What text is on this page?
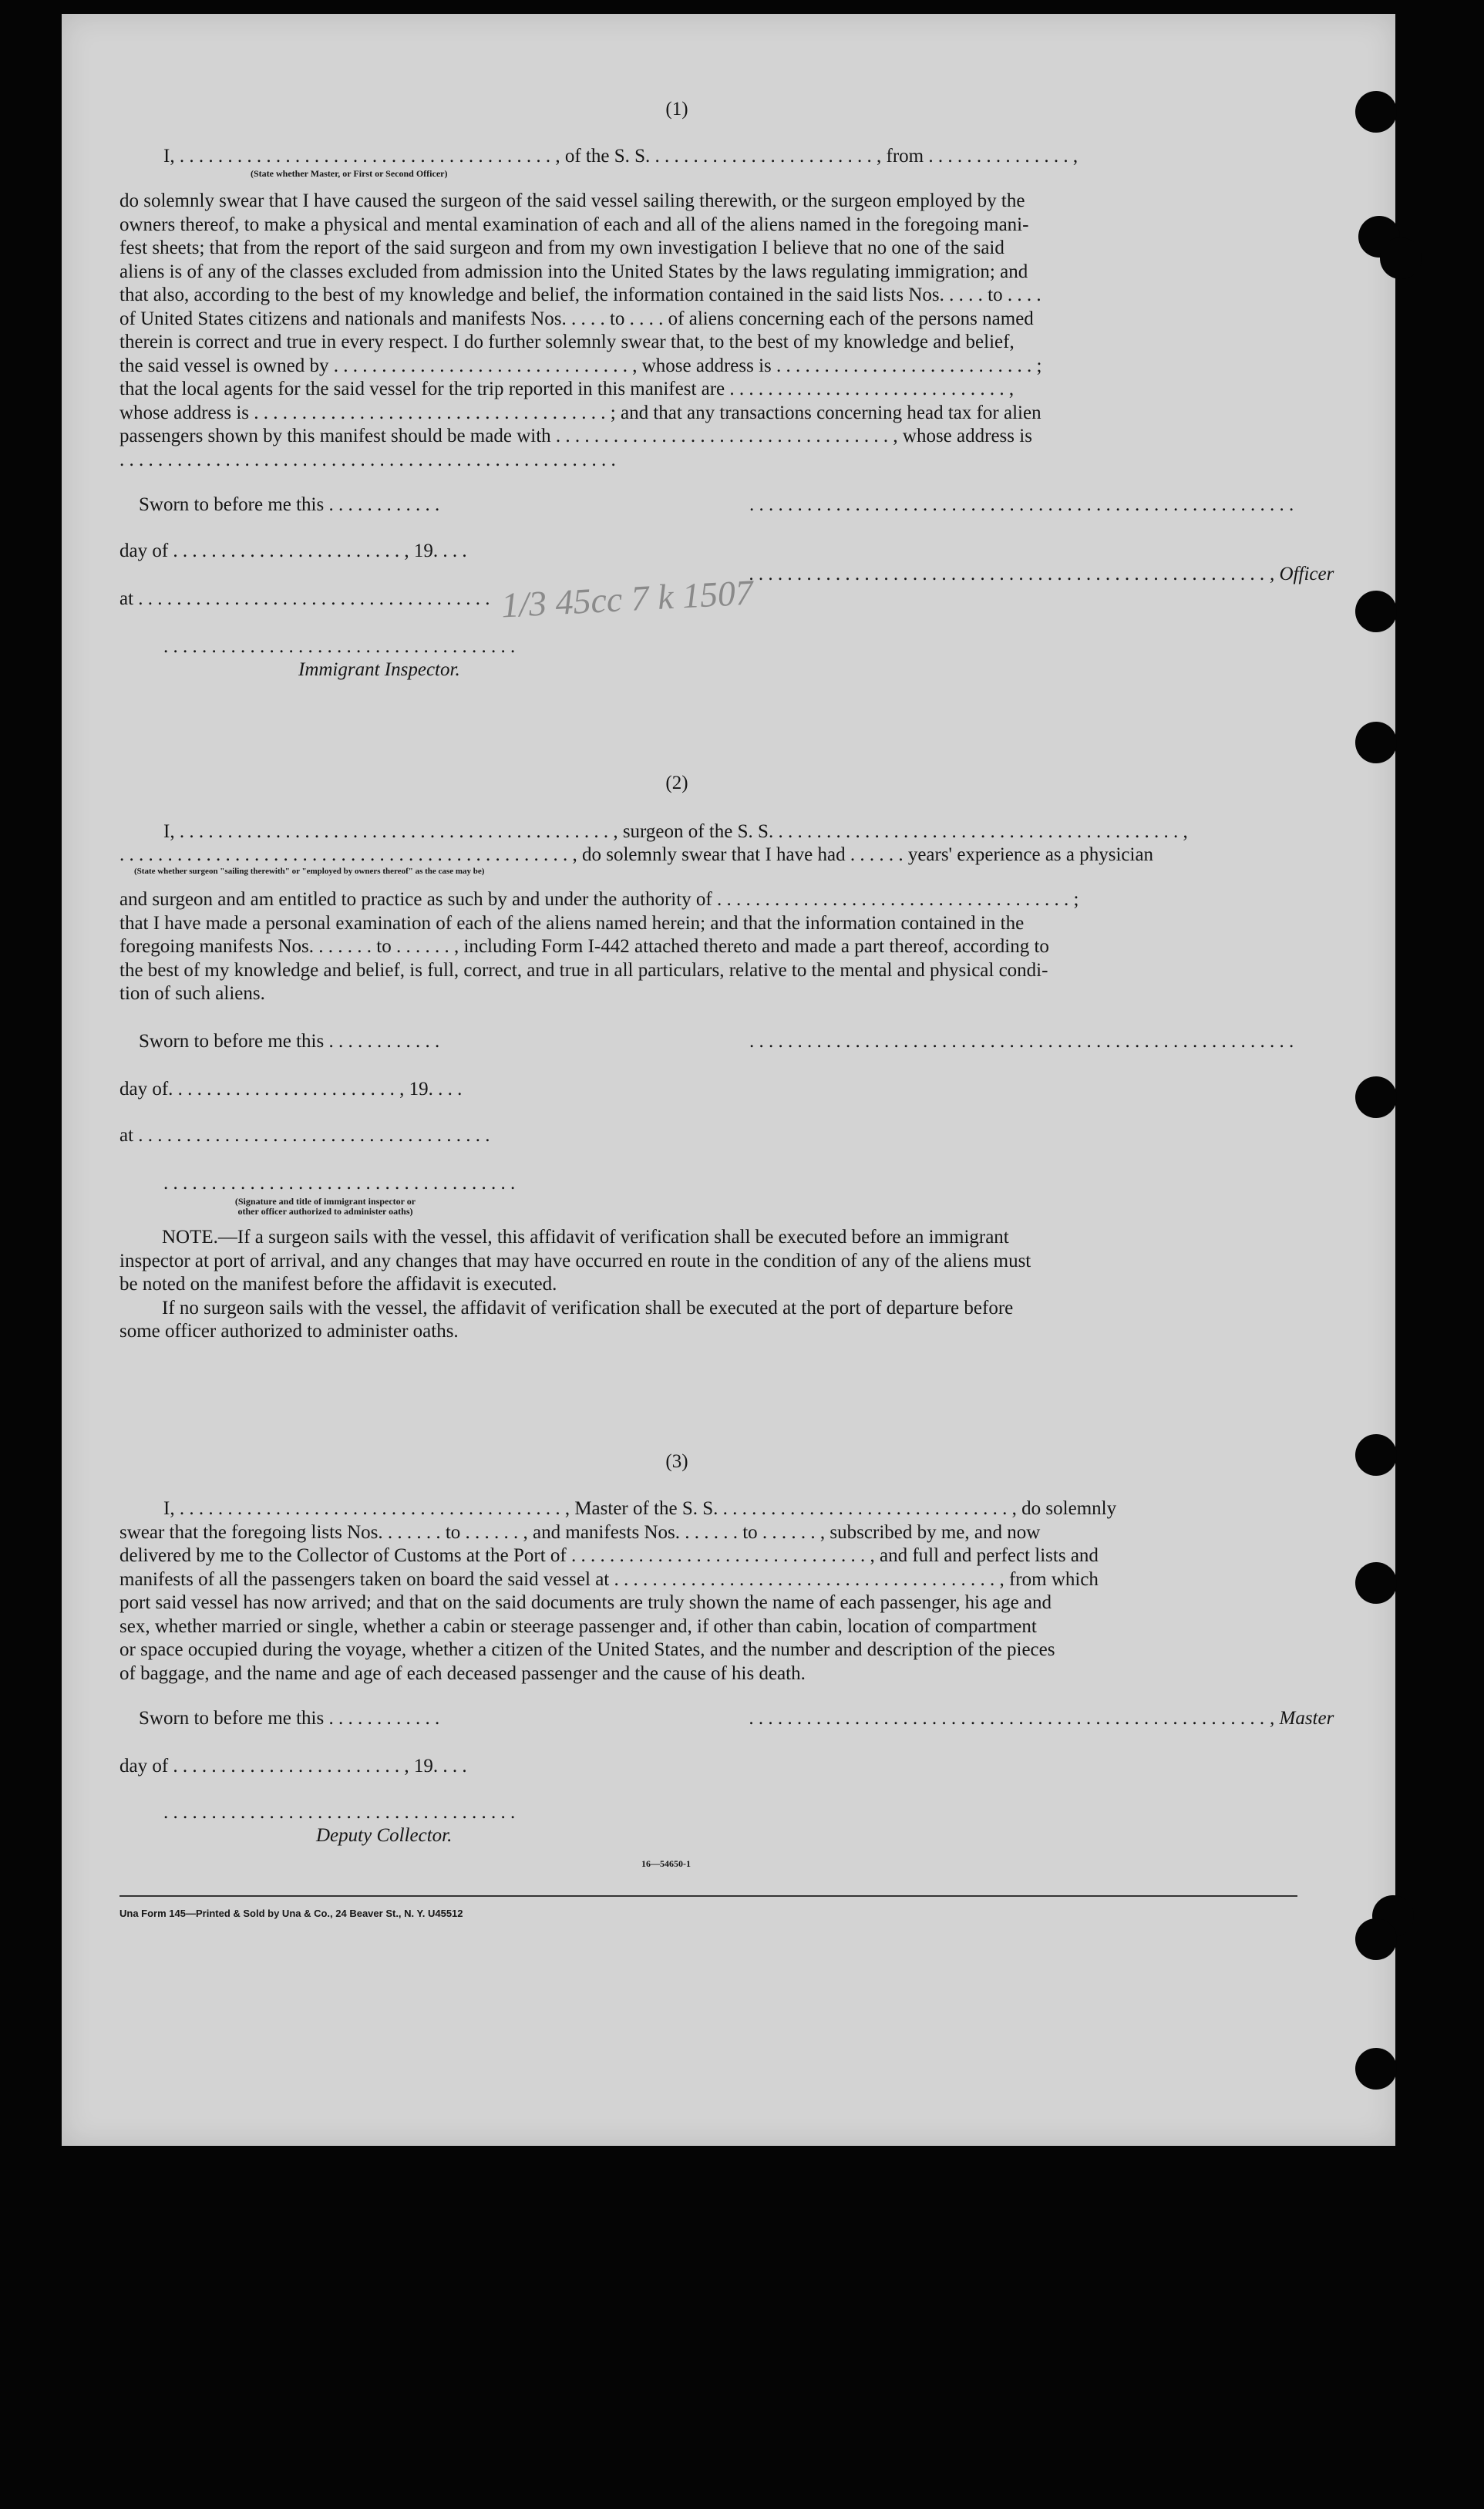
(1)
I, . . . . . . . . . . . . . . . . . . . . . . . . . . . . . . . . . . . . . . . , of the S. S. . . . . . . . . . . . . . . . . . . . . . . . , from . . . . . . . . . . . . . . . ,
(State whether Master, or First or Second Officer)

do solemnly swear that I have caused the surgeon of the said vessel sailing therewith, or the surgeon employed by the

owners thereof, to make a physical and mental examination of each and all of the aliens named in the foregoing mani-

fest sheets; that from the report of the said surgeon and from my own investigation I believe that no one of the said

aliens is of any of the classes excluded from admission into the United States by the laws regulating immigration; and

that also, according to the best of my knowledge and belief, the information contained in the said lists Nos. . . . . to . . . .

of United States citizens and nationals and manifests Nos. . . . . to . . . . of aliens concerning each of the persons named

therein is correct and true in every respect. I do further solemnly swear that, to the best of my knowledge and belief,

the said vessel is owned by . . . . . . . . . . . . . . . . . . . . . . . . . . . . . . . , whose address is . . . . . . . . . . . . . . . . . . . . . . . . . . . ;

that the local agents for the said vessel for the trip reported in this manifest are . . . . . . . . . . . . . . . . . . . . . . . . . . . . . ,

whose address is . . . . . . . . . . . . . . . . . . . . . . . . . . . . . . . . . . . . . ; and that any transactions concerning head tax for alien

passengers shown by this manifest should be made with . . . . . . . . . . . . . . . . . . . . . . . . . . . . . . . . . . . , whose address is

. . . . . . . . . . . . . . . . . . . . . . . . . . . . . . . . . . . . . . . . . . . . . . . . . . . .

Sworn to before me this . . . . . . . . . . . .	. . . . . . . . . . . . . . . . . . . . . . . . . . . . . . . . . . . . . . . . . . . . . . . . . . . . . . . . .
day of . . . . . . . . . . . . . . . . . . . . . . . . , 19. . . .
. . . . . . . . . . . . . . . . . . . . . . . . . . . . . . . . . . . . . . . . . . . . . . . . . . . . . . , Officer
at . . . . . . . . . . . . . . . . . . . . . . . . . . . . . . . . . . . . . 1/3 45cc 7 k 1507
. . . . . . . . . . . . . . . . . . . . . . . . . . . . . . . . . . . . .
Immigrant Inspector.
(2)
I, . . . . . . . . . . . . . . . . . . . . . . . . . . . . . . . . . . . . . . . . . . . . . , surgeon of the S. S. . . . . . . . . . . . . . . . . . . . . . . . . . . . . . . . . . . . . . . . . . . ,
. . . . . . . . . . . . . . . . . . . . . . . . . . . . . . . . . . . . . . . . . . . . . . . , do solemnly swear that I have had . . . . . . years' experience as a physician
(State whether surgeon "sailing therewith" or "employed by owners thereof" as the case may be)

and surgeon and am entitled to practice as such by and under the authority of . . . . . . . . . . . . . . . . . . . . . . . . . . . . . . . . . . . . . ;

that I have made a personal examination of each of the aliens named herein; and that the information contained in the

foregoing manifests Nos. . . . . . . to . . . . . . , including Form I-442 attached thereto and made a part thereof, according to

the best of my knowledge and belief, is full, correct, and true in all particulars, relative to the mental and physical condi-

tion of such aliens.

Sworn to before me this . . . . . . . . . . . .	. . . . . . . . . . . . . . . . . . . . . . . . . . . . . . . . . . . . . . . . . . . . . . . . . . . . . . . . .
day of. . . . . . . . . . . . . . . . . . . . . . . . , 19. . . .
at . . . . . . . . . . . . . . . . . . . . . . . . . . . . . . . . . . . . .
. . . . . . . . . . . . . . . . . . . . . . . . . . . . . . . . . . . . .
(Signature and title of immigrant inspector or
other officer authorized to administer oaths)

NOTE.—If a surgeon sails with the vessel, this affidavit of verification shall be executed before an immigrant

inspector at port of arrival, and any changes that may have occurred en route in the condition of any of the aliens must

be noted on the manifest before the affidavit is executed.

If no surgeon sails with the vessel, the affidavit of verification shall be executed at the port of departure before

some officer authorized to administer oaths.

(3)

I, . . . . . . . . . . . . . . . . . . . . . . . . . . . . . . . . . . . . . . . . , Master of the S. S. . . . . . . . . . . . . . . . . . . . . . . . . . . . . . . , do solemnly

swear that the foregoing lists Nos. . . . . . . to . . . . . . , and manifests Nos. . . . . . . to . . . . . . , subscribed by me, and now

delivered by me to the Collector of Customs at the Port of . . . . . . . . . . . . . . . . . . . . . . . . . . . . . . . , and full and perfect lists and

manifests of all the passengers taken on board the said vessel at . . . . . . . . . . . . . . . . . . . . . . . . . . . . . . . . . . . . . . . . , from which

port said vessel has now arrived; and that on the said documents are truly shown the name of each passenger, his age and

sex, whether married or single, whether a cabin or steerage passenger and, if other than cabin, location of compartment

or space occupied during the voyage, whether a citizen of the United States, and the number and description of the pieces

of baggage, and the name and age of each deceased passenger and the cause of his death.

Sworn to before me this . . . . . . . . . . . .	. . . . . . . . . . . . . . . . . . . . . . . . . . . . . . . . . . . . . . . . . . . . . . . . . . . . . . , Master
day of . . . . . . . . . . . . . . . . . . . . . . . . , 19. . . .
. . . . . . . . . . . . . . . . . . . . . . . . . . . . . . . . . . . . .
Deputy Collector.
16—54650-1
Una Form 145—Printed & Sold by Una & Co., 24 Beaver St., N. Y. U45512
